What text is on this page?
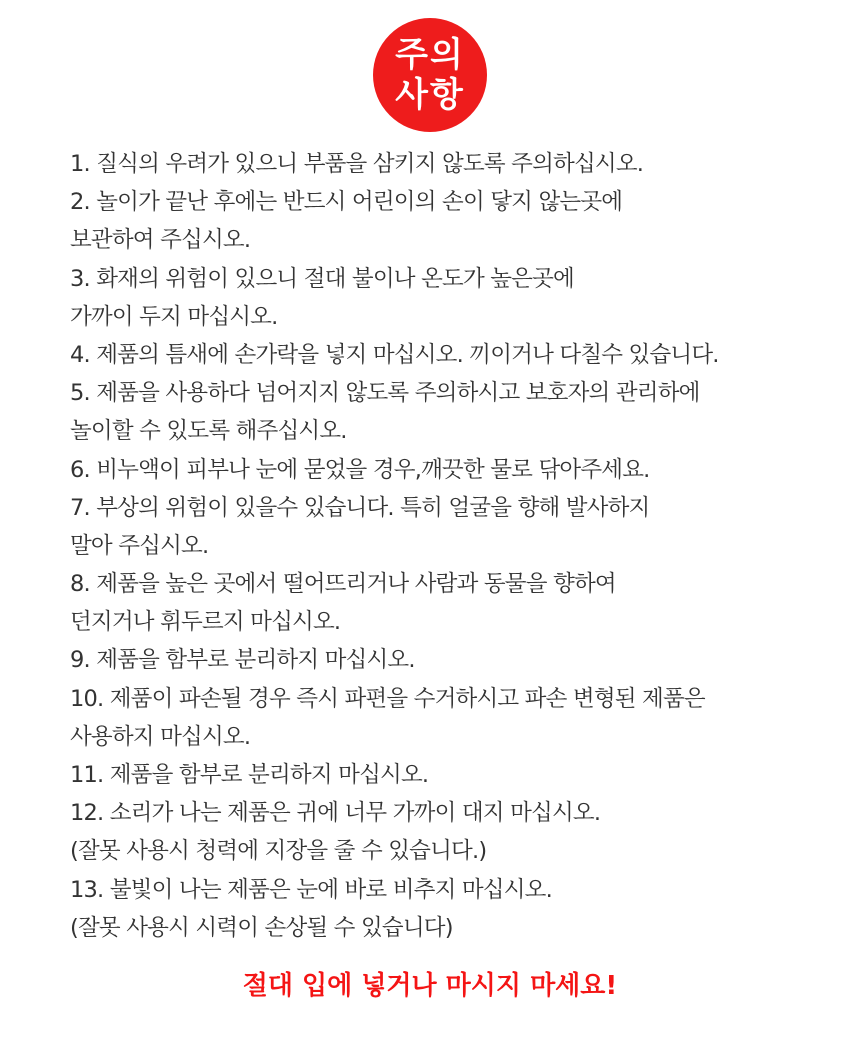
주의
사항
1. 질식의 우려가 있으니 부품을 삼키지 않도록 주의하십시오.
2. 놀이가 끝난 후에는 반드시 어린이의 손이 닿지 않는곳에
보관하여 주십시오.
3. 화재의 위험이 있으니 절대 불이나 온도가 높은곳에
가까이 두지 마십시오.
4. 제품의 틈새에 손가락을 넣지 마십시오. 끼이거나 다칠수 있습니다.
5. 제품을 사용하다 넘어지지 않도록 주의하시고 보호자의 관리하에
놀이할 수 있도록 해주십시오.
6. 비누액이 피부나 눈에 묻었을 경우,깨끗한 물로 닦아주세요.
7. 부상의 위험이 있을수 있습니다. 특히 얼굴을 향해 발사하지
말아 주십시오.
8. 제품을 높은 곳에서 떨어뜨리거나 사람과 동물을 향하여
던지거나 휘두르지 마십시오.
9. 제품을 함부로 분리하지 마십시오.
10. 제품이 파손될 경우 즉시 파편을 수거하시고 파손 변형된 제품은
사용하지 마십시오.
11. 제품을 함부로 분리하지 마십시오.
12. 소리가 나는 제품은 귀에 너무 가까이 대지 마십시오.
(잘못 사용시 청력에 지장을 줄 수 있습니다.)
13. 불빛이 나는 제품은 눈에 바로 비추지 마십시오.
(잘못 사용시 시력이 손상될 수 있습니다)
절대 입에 넣거나 마시지 마세요!
